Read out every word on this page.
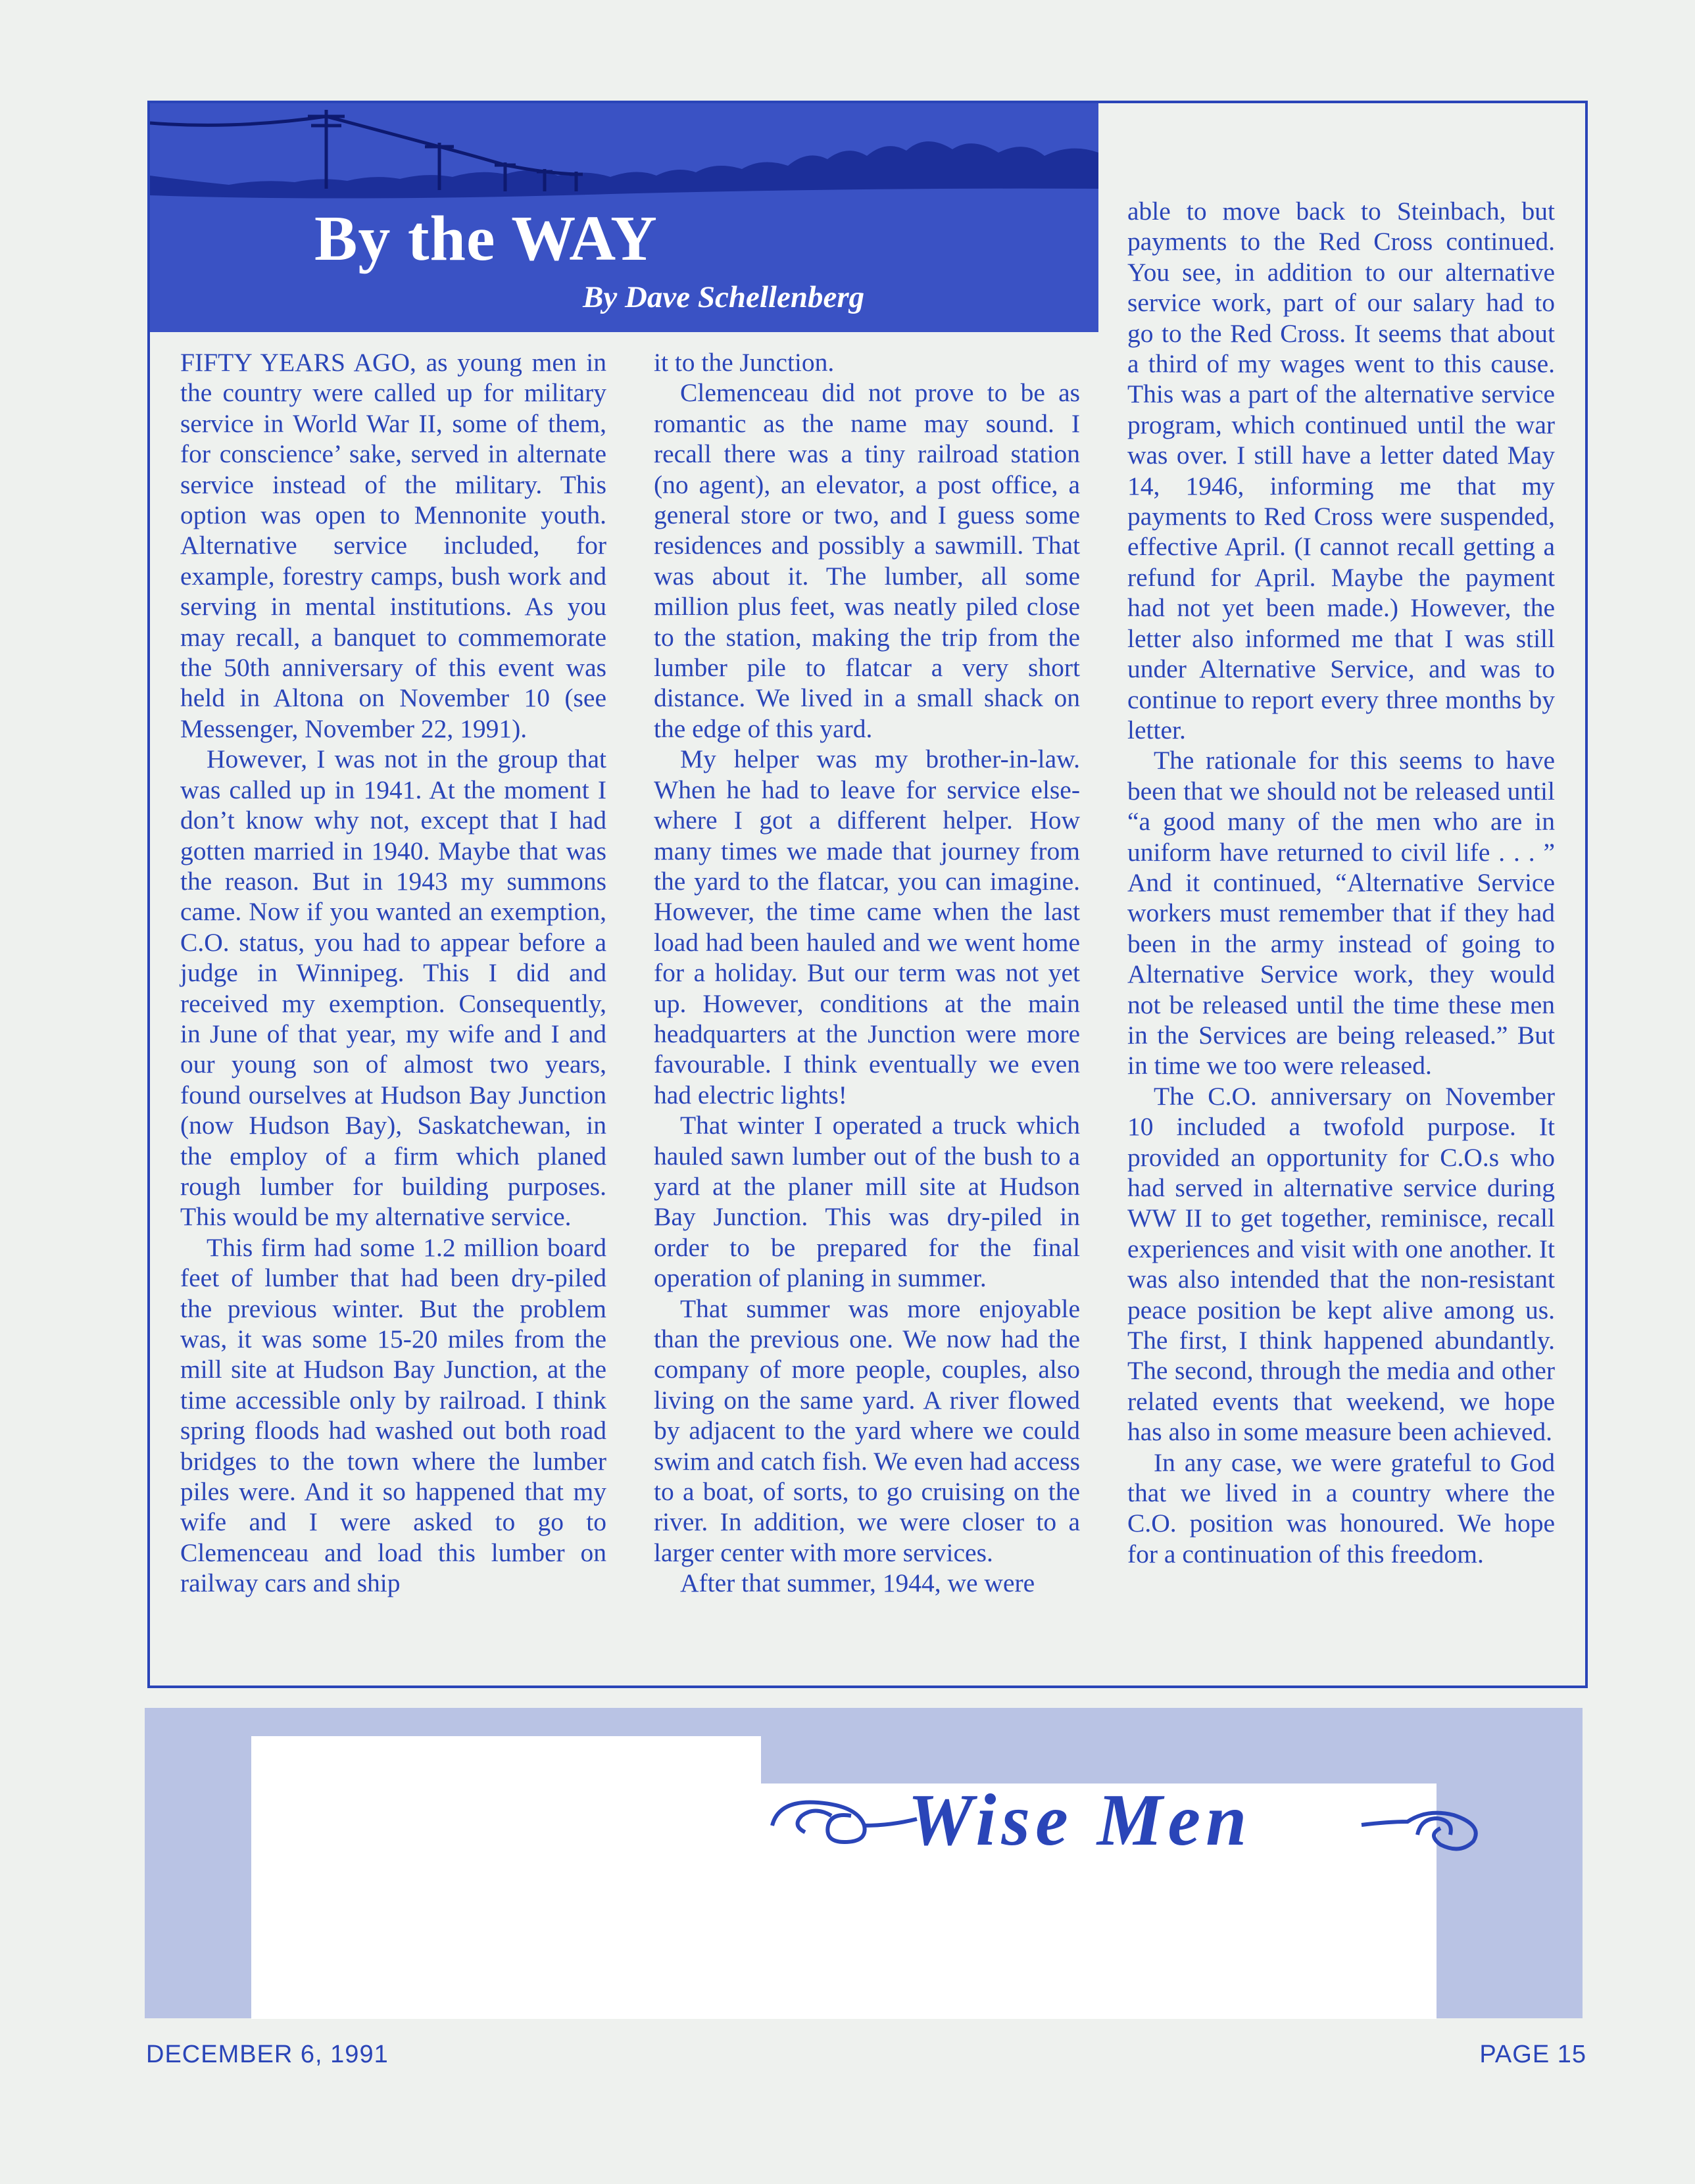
By the WAY
By Dave Schellenberg

FIFTY YEARS AGO, as young men in the country were called up for military service in World War II, some of them, for conscience’ sake, served in alternate service instead of the military. This option was open to Mennonite youth. Alternative service included, for example, forestry camps, bush work and serving in mental institutions. As you may recall, a banquet to commemorate the 50th anniversary of this event was held in Altona on November 10 (see Messenger, November 22, 1991).

However, I was not in the group that was called up in 1941. At the moment I don’t know why not, except that I had gotten married in 1940. Maybe that was the reason. But in 1943 my summons came. Now if you wanted an exemption, C.O. status, you had to appear before a judge in Winnipeg. This I did and received my exemption. Consequently, in June of that year, my wife and I and our young son of almost two years, found ourselves at Hudson Bay Junction (now Hudson Bay), Saskatchewan, in the employ of a firm which planed rough lumber for building purposes. This would be my alternative service.

This firm had some 1.2 million board feet of lumber that had been dry-piled the previous winter. But the problem was, it was some 15-20 miles from the mill site at Hudson Bay Junction, at the time accessible only by railroad. I think spring floods had washed out both road bridges to the town where the lumber piles were. And it so happened that my wife and I were asked to go to Clemenceau and load this lumber on railway cars and ship

it to the Junction.

Clemenceau did not prove to be as romantic as the name may sound. I recall there was a tiny railroad station (no agent), an elevator, a post office, a general store or two, and I guess some residences and possibly a sawmill. That was about it. The lumber, all some million plus feet, was neatly piled close to the station, making the trip from the lumber pile to flatcar a very short distance. We lived in a small shack on the edge of this yard.

My helper was my brother-in-law. When he had to leave for service elsewhere I got a different helper. How many times we made that journey from the yard to the flatcar, you can imagine. However, the time came when the last load had been hauled and we went home for a holiday. But our term was not yet up. However, conditions at the main headquarters at the Junction were more favourable. I think eventually we even had electric lights!

That winter I operated a truck which hauled sawn lumber out of the bush to a yard at the planer mill site at Hudson Bay Junction. This was dry-piled in order to be prepared for the final operation of planing in summer.

That summer was more enjoyable than the previous one. We now had the company of more people, couples, also living on the same yard. A river flowed by adjacent to the yard where we could swim and catch fish. We even had access to a boat, of sorts, to go cruising on the river. In addition, we were closer to a larger center with more services.

After that summer, 1944, we were

able to move back to Steinbach, but payments to the Red Cross continued. You see, in addition to our alternative service work, part of our salary had to go to the Red Cross. It seems that about a third of my wages went to this cause. This was a part of the alternative service program, which continued until the war was over. I still have a letter dated May 14, 1946, informing me that my payments to Red Cross were suspended, effective April. (I cannot recall getting a refund for April. Maybe the payment had not yet been made.) However, the letter also informed me that I was still under Alternative Service, and was to continue to report every three months by letter.

The rationale for this seems to have been that we should not be released until “a good many of the men who are in uniform have returned to civil life . . . ” And it continued, “Alternative Service workers must remember that if they had been in the army instead of going to Alternative Service work, they would not be released until the time these men in the Services are being released.” But in time we too were released.

The C.O. anniversary on November 10 included a twofold purpose. It provided an opportunity for C.O.s who had served in alternative service during WW II to get together, reminisce, recall experiences and visit with one another. It was also intended that the non-resistant peace position be kept alive among us. The first, I think happened abundantly. The second, through the media and other related events that weekend, we hope has also in some measure been achieved.

In any case, we were grateful to God that we lived in a country where the C.O. position was honoured. We hope for a continuation of this freedom.

Wise Men
DECEMBER 6, 1991	PAGE 15
